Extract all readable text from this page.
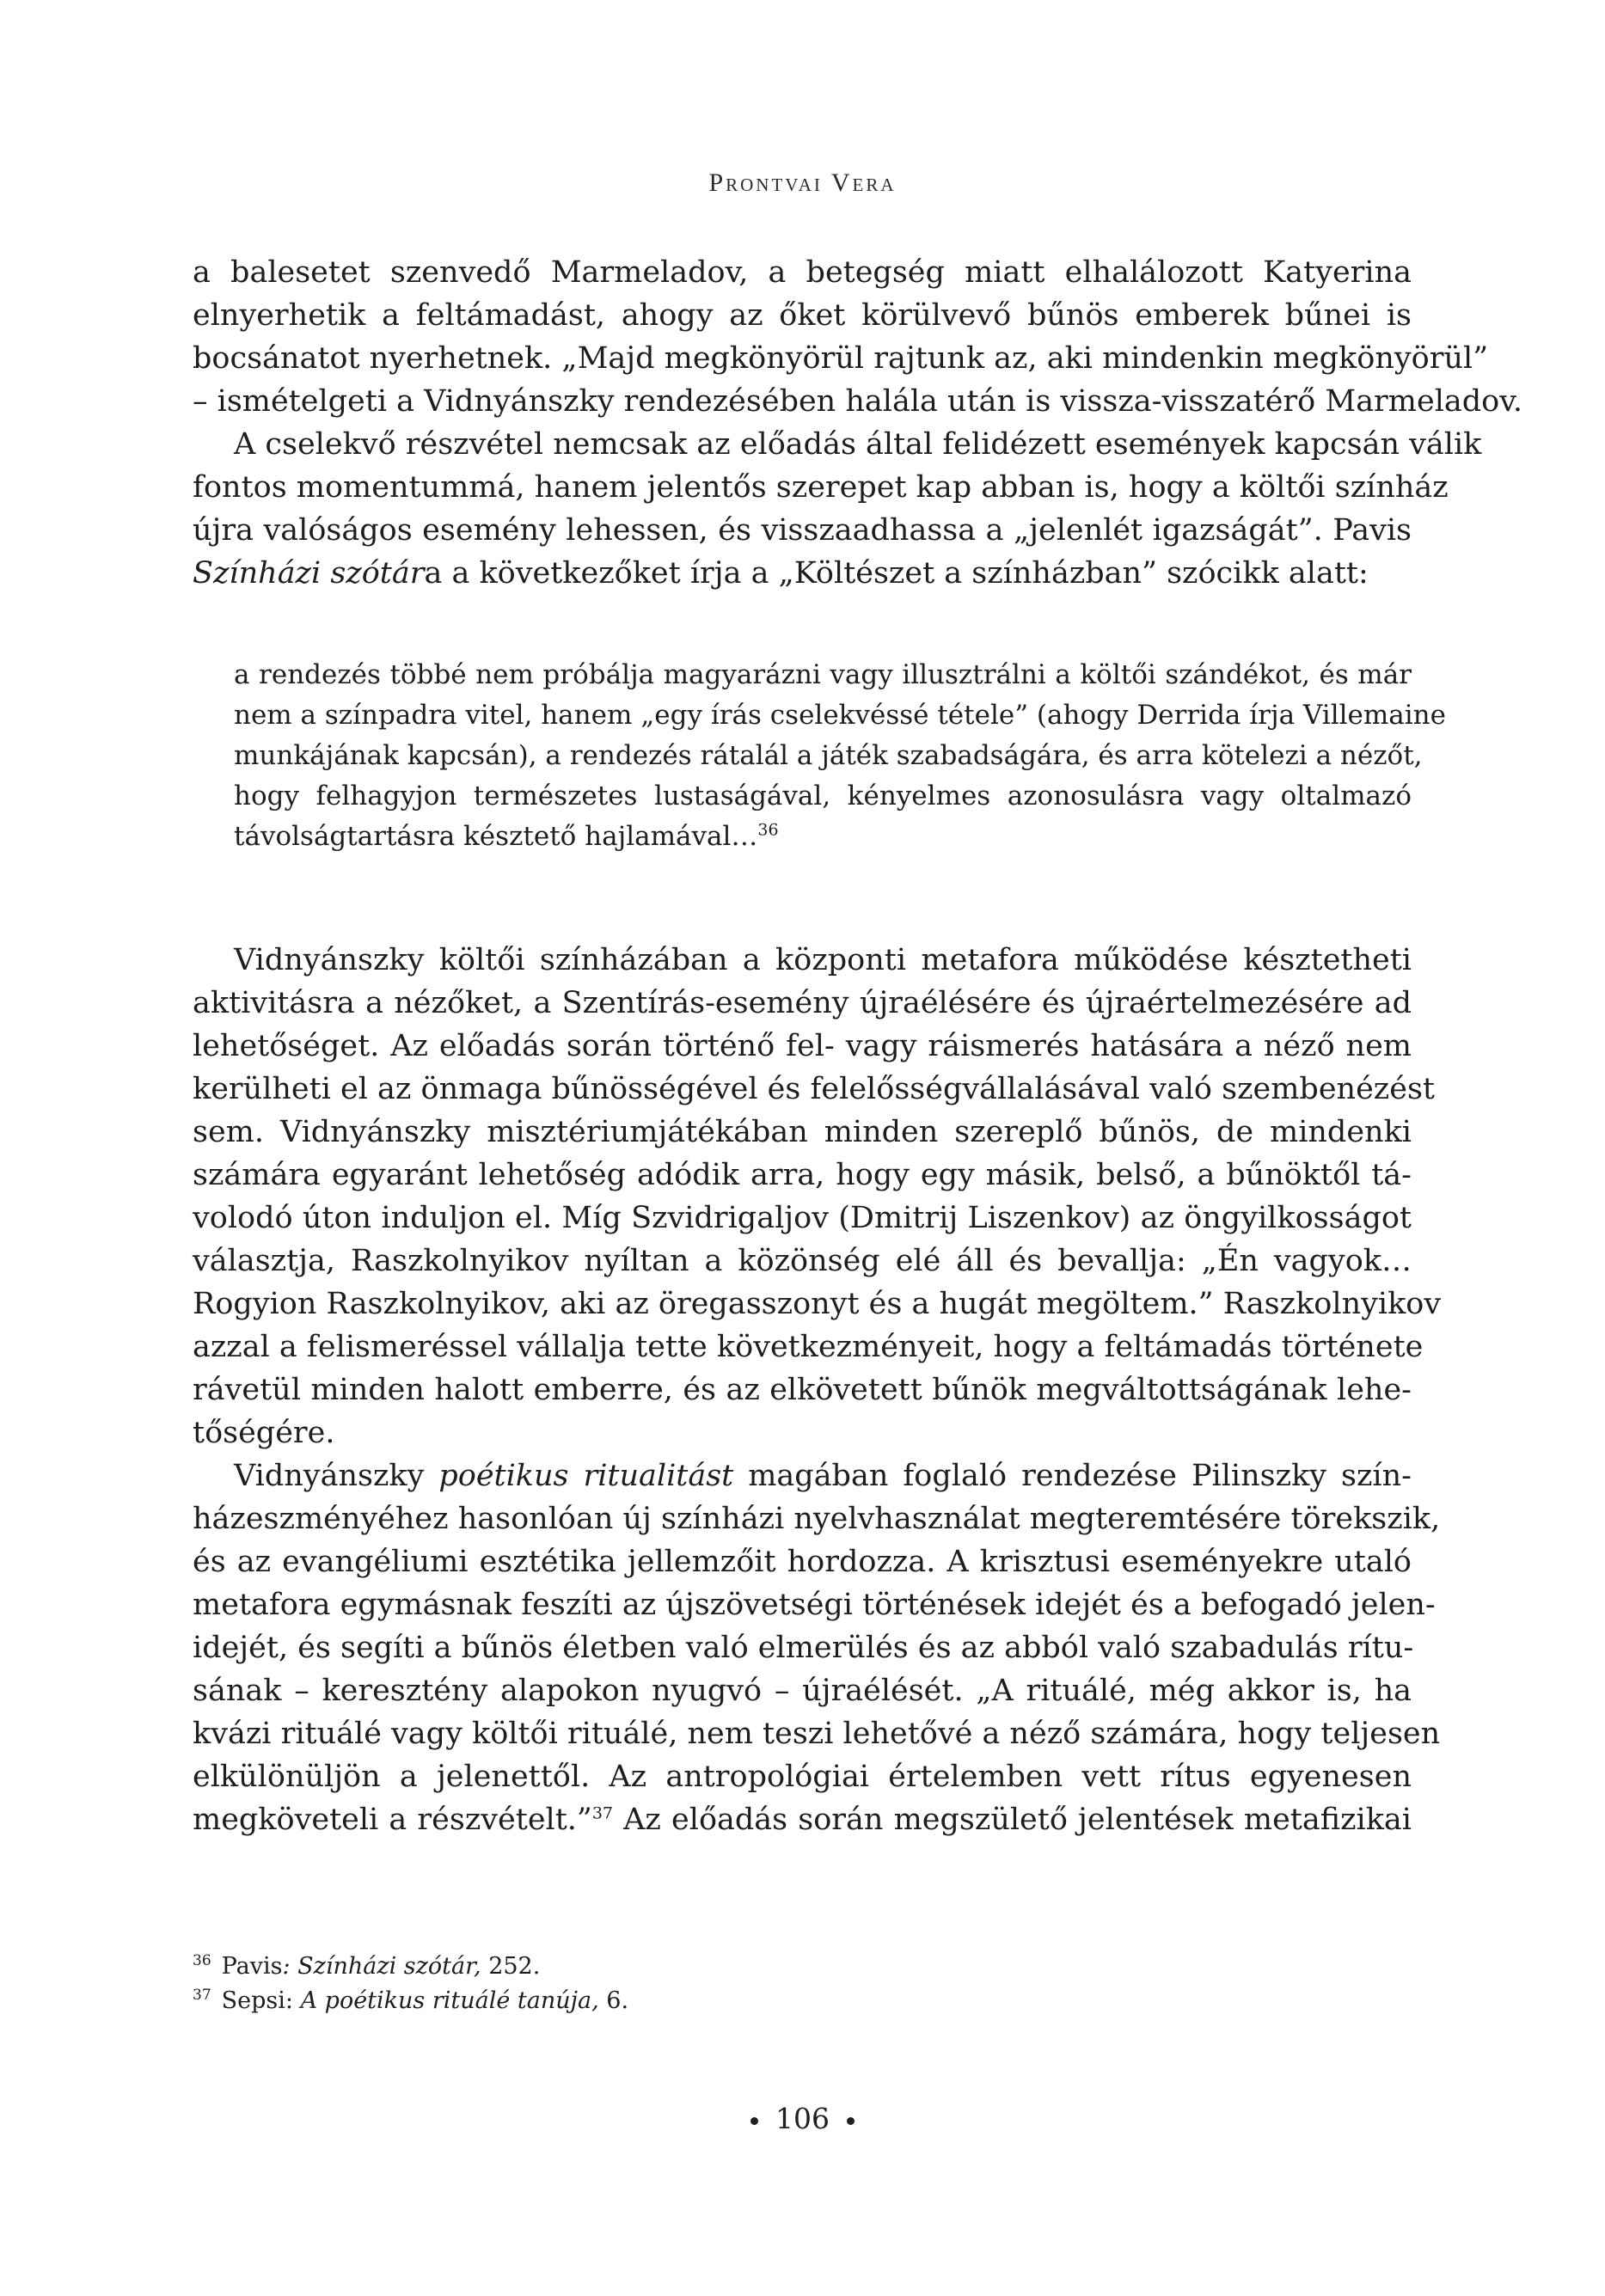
Prontvai Vera
a balesetet szenvedő Marmeladov, a betegség miatt elhalálozott Katyerina
elnyerhetik a feltámadást, ahogy az őket körülvevő bűnös emberek bűnei is
bocsánatot nyerhetnek. „Majd megkönyörül rajtunk az, aki mindenkin megkönyörül”
– ismételgeti a Vidnyánszky rendezésében halála után is vissza-visszatérő Marmeladov.
A cselekvő részvétel nemcsak az előadás által felidézett események kapcsán válik
fontos momentummá, hanem jelentős szerepet kap abban is, hogy a költői színház
újra valóságos esemény lehessen, és visszaadhassa a „jelenlét igazságát”. Pavis
Színházi szótára a következőket írja a „Költészet a színházban” szócikk alatt:
a rendezés többé nem próbálja magyarázni vagy illusztrálni a költői szándékot, és már
nem a színpadra vitel, hanem „egy írás cselekvéssé tétele” (ahogy Derrida írja Villemaine
munkájának kapcsán), a rendezés rátalál a játék szabadságára, és arra kötelezi a nézőt,
hogy felhagyjon természetes lustaságával, kényelmes azonosulásra vagy oltalmazó
távolságtartásra késztető hajlamával…$^{36}$
Vidnyánszky költői színházában a központi metafora működése késztetheti
aktivitásra a nézőket, a Szentírás-esemény újraélésére és újraértelmezésére ad
lehetőséget. Az előadás során történő fel- vagy ráismerés hatására a néző nem
kerülheti el az önmaga bűnösségével és felelősségvállalásával való szembenézést
sem. Vidnyánszky misztériumjátékában minden szereplő bűnös, de mindenki
számára egyaránt lehetőség adódik arra, hogy egy másik, belső, a bűnöktől tá-
volodó úton induljon el. Míg Szvidrigaljov (Dmitrij Liszenkov) az öngyilkosságot
választja, Raszkolnyikov nyíltan a közönség elé áll és bevallja: „Én vagyok…
Rogyion Raszkolnyikov, aki az öregasszonyt és a hugát megöltem.” Raszkolnyikov
azzal a felismeréssel vállalja tette következményeit, hogy a feltámadás története
rávetül minden halott emberre, és az elkövetett bűnök megváltottságának lehe-
tőségére.
Vidnyánszky poétikus ritualitást magában foglaló rendezése Pilinszky szín-
házeszményéhez hasonlóan új színházi nyelvhasználat megteremtésére törekszik,
és az evangéliumi esztétika jellemzőit hordozza. A krisztusi eseményekre utaló
metafora egymásnak feszíti az újszövetségi történések idejét és a befogadó jelen-
idejét, és segíti a bűnös életben való elmerülés és az abból való szabadulás rítu-
sának – keresztény alapokon nyugvó – újraélését. „A rituálé, még akkor is, ha
kvázi rituálé vagy költői rituálé, nem teszi lehetővé a néző számára, hogy teljesen
elkülönüljön a jelenettől. Az antropológiai értelemben vett rítus egyenesen
megköveteli a részvételt.”$^{37}$ Az előadás során megszülető jelentések metafizikai
$^{36}$ Pavis: Színházi szótár, 252.
$^{37}$ Sepsi: A poétikus rituálé tanúja, 6.
106
